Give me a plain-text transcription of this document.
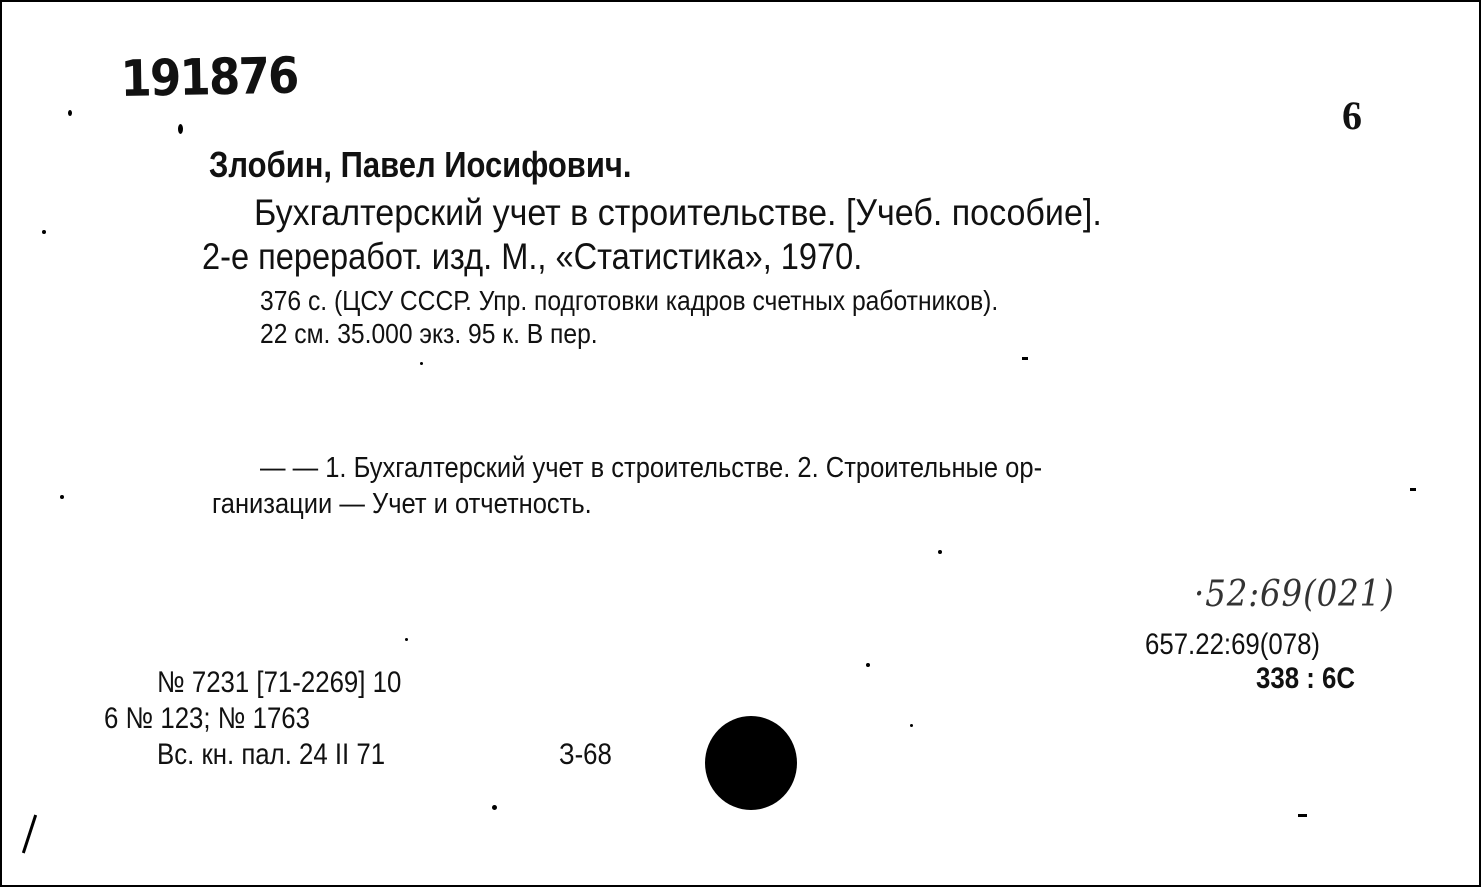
191876
6
Злобин, Павел Иосифович.
Бухгалтерский учет в строительстве. [Учеб. пособие].
2-е переработ. изд. М., «Статистика», 1970.
376 с. (ЦСУ СССР. Упр. подготовки кадров счетных работников).
22 см. 35.000 экз. 95 к. В пер.
— — 1. Бухгалтерский учет в строительстве. 2. Строительные ор-
ганизации — Учет и отчетность.
·52:69(021)
657.22:69(078)
338 : 6С
№ 7231 [71-2269] 10
6 № 123; № 1763
Вс. кн. пал. 24 II 71	З-68
